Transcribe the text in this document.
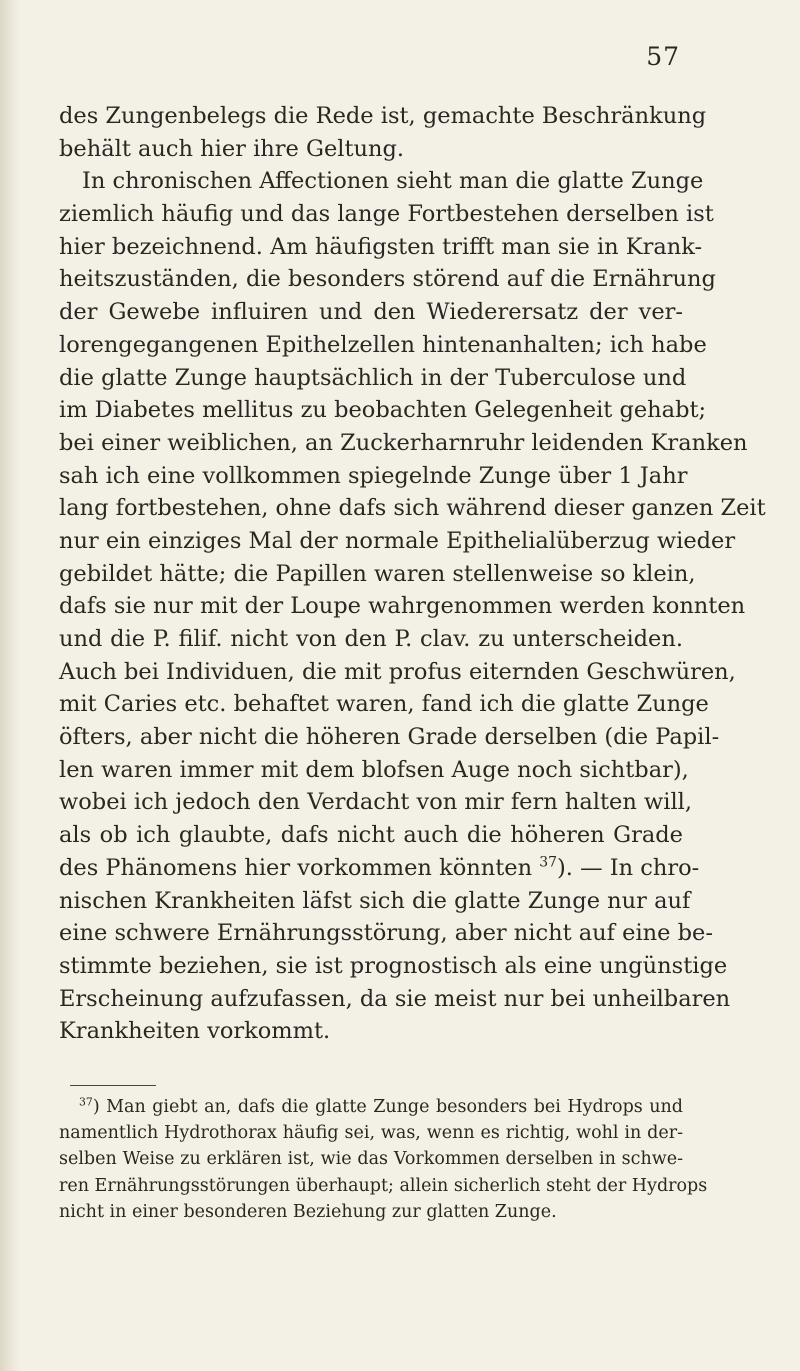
57
des Zungenbelegs die Rede ist, gemachte Beschränkung
behält auch hier ihre Geltung.
In chronischen Affectionen sieht man die glatte Zunge
ziemlich häufig und das lange Fortbestehen derselben ist
hier bezeichnend. Am häufigsten trifft man sie in Krank-
heitszuständen, die besonders störend auf die Ernährung
der Gewebe influiren und den Wiederersatz der ver-
lorengegangenen Epithelzellen hintenanhalten; ich habe
die glatte Zunge hauptsächlich in der Tuberculose und
im Diabetes mellitus zu beobachten Gelegenheit gehabt;
bei einer weiblichen, an Zuckerharnruhr leidenden Kranken
sah ich eine vollkommen spiegelnde Zunge über 1 Jahr
lang fortbestehen, ohne dafs sich während dieser ganzen Zeit
nur ein einziges Mal der normale Epithelialüberzug wieder
gebildet hätte; die Papillen waren stellenweise so klein,
dafs sie nur mit der Loupe wahrgenommen werden konnten
und die P. filif. nicht von den P. clav. zu unterscheiden.
Auch bei Individuen, die mit profus eiternden Geschwüren,
mit Caries etc. behaftet waren, fand ich die glatte Zunge
öfters, aber nicht die höheren Grade derselben (die Papil-
len waren immer mit dem blofsen Auge noch sichtbar),
wobei ich jedoch den Verdacht von mir fern halten will,
als ob ich glaubte, dafs nicht auch die höheren Grade
des Phänomens hier vorkommen könnten $^{37}$). — In chro-
nischen Krankheiten läfst sich die glatte Zunge nur auf
eine schwere Ernährungsstörung, aber nicht auf eine be-
stimmte beziehen, sie ist prognostisch als eine ungünstige
Erscheinung aufzufassen, da sie meist nur bei unheilbaren
Krankheiten vorkommt.
$^{37}$) Man giebt an, dafs die glatte Zunge besonders bei Hydrops und
namentlich Hydrothorax häufig sei, was, wenn es richtig, wohl in der-
selben Weise zu erklären ist, wie das Vorkommen derselben in schwe-
ren Ernährungsstörungen überhaupt; allein sicherlich steht der Hydrops
nicht in einer besonderen Beziehung zur glatten Zunge.
